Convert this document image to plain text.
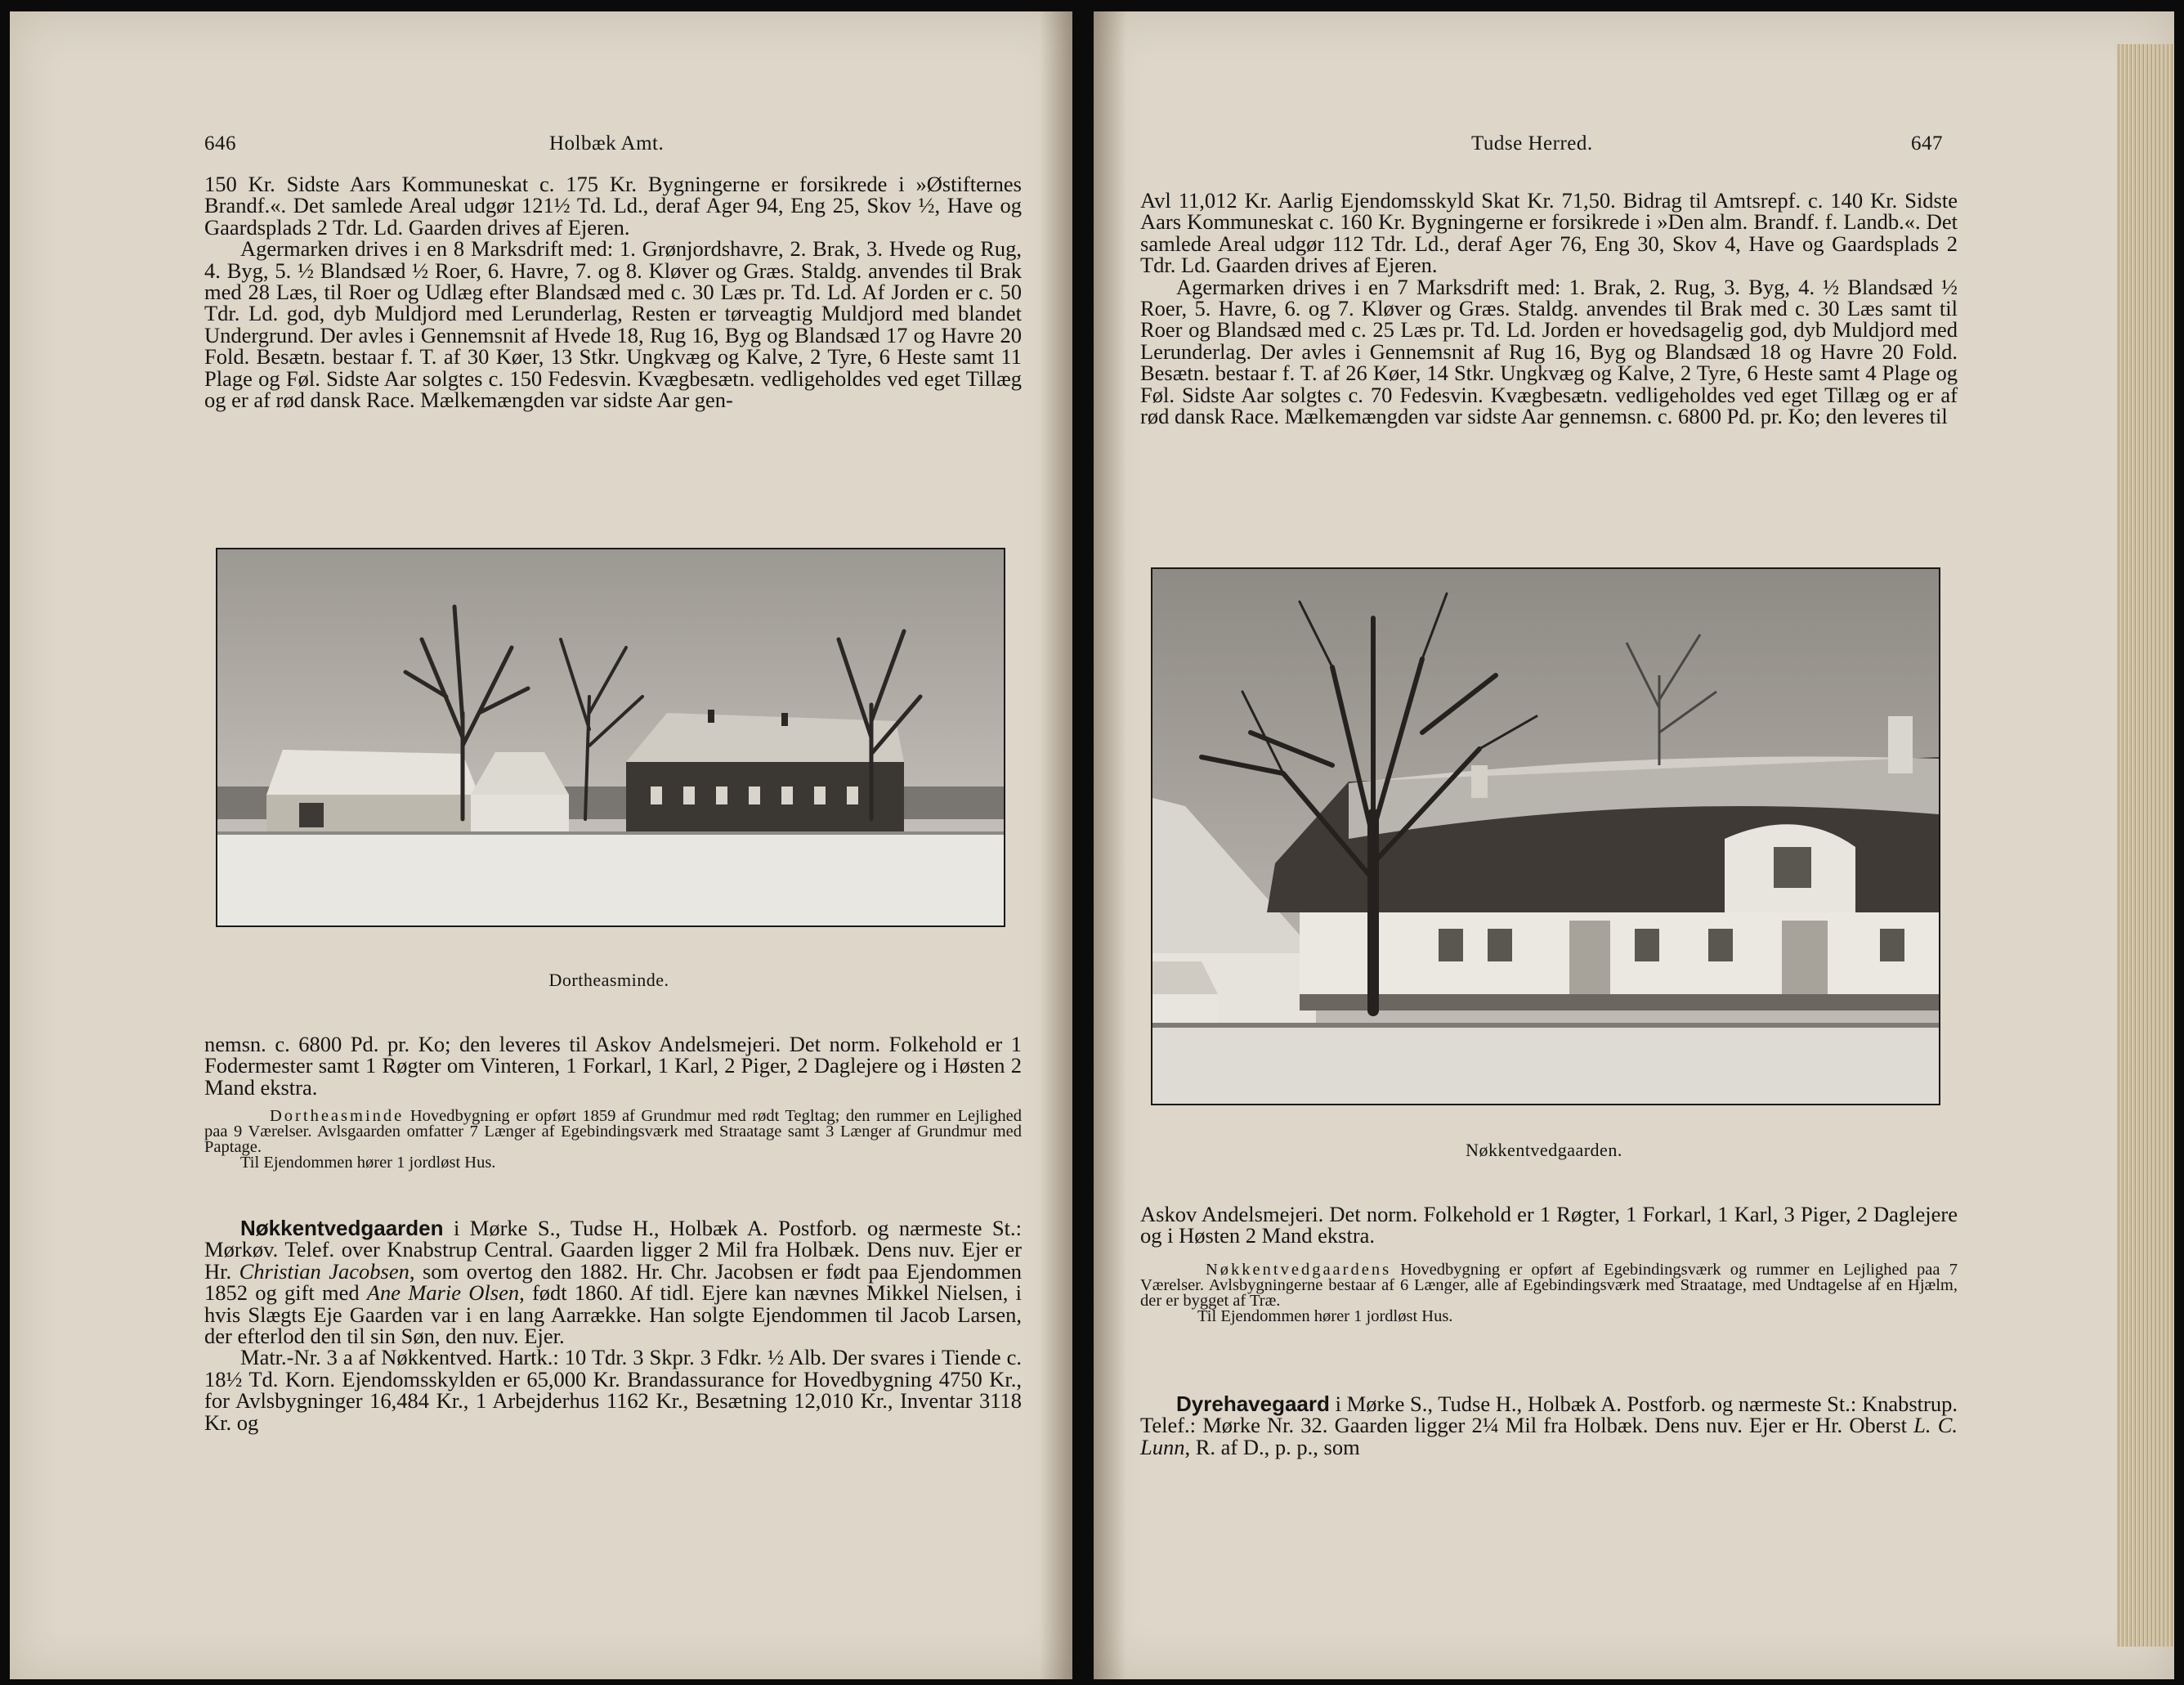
646	Holbæk Amt.

150 Kr. Sidste Aars Kommuneskat c. 175 Kr. Bygningerne er forsikrede i »Østifternes Brandf.«. Det samlede Areal udgør 121½ Td. Ld., deraf Ager 94, Eng 25, Skov ½, Have og Gaardsplads 2 Tdr. Ld. Gaarden drives af Ejeren.

Agermarken drives i en 8 Marksdrift med: 1. Grønjordshavre, 2. Brak, 3. Hvede og Rug, 4. Byg, 5. ½ Blandsæd ½ Roer, 6. Havre, 7. og 8. Kløver og Græs. Staldg. anvendes til Brak med 28 Læs, til Roer og Udlæg efter Blandsæd med c. 30 Læs pr. Td. Ld. Af Jorden er c. 50 Tdr. Ld. god, dyb Muldjord med Lerunderlag, Resten er tørveagtig Muldjord med blandet Undergrund. Der avles i Gennemsnit af Hvede 18, Rug 16, Byg og Blandsæd 17 og Havre 20 Fold. Besætn. bestaar f. T. af 30 Køer, 13 Stkr. Ungkvæg og Kalve, 2 Tyre, 6 Heste samt 11 Plage og Føl. Sidste Aar solgtes c. 150 Fedesvin. Kvægbesætn. vedligeholdes ved eget Tillæg og er af rød dansk Race. Mælkemængden var sidste Aar gen-

Dortheasminde.

nemsn. c. 6800 Pd. pr. Ko; den leveres til Askov Andelsmejeri. Det norm. Folkehold er 1 Fodermester samt 1 Røgter om Vinteren, 1 Forkarl, 1 Karl, 2 Piger, 2 Daglejere og i Høsten 2 Mand ekstra.

Dortheasminde Hovedbygning er opført 1859 af Grundmur med rødt Tegltag; den rummer en Lejlighed paa 9 Værelser. Avlsgaarden omfatter 7 Længer af Egebindingsværk med Straatage samt 3 Længer af Grundmur med Paptage.

Til Ejendommen hører 1 jordløst Hus.

Nøkkentvedgaarden i Mørke S., Tudse H., Holbæk A. Postforb. og nærmeste St.: Mørkøv. Telef. over Knabstrup Central. Gaarden ligger 2 Mil fra Holbæk. Dens nuv. Ejer er Hr. Christian Jacobsen, som overtog den 1882. Hr. Chr. Jacobsen er født paa Ejendommen 1852 og gift med Ane Marie Olsen, født 1860. Af tidl. Ejere kan nævnes Mikkel Nielsen, i hvis Slægts Eje Gaarden var i en lang Aarrække. Han solgte Ejendommen til Jacob Larsen, der efterlod den til sin Søn, den nuv. Ejer.

Matr.-Nr. 3 a af Nøkkentved. Hartk.: 10 Tdr. 3 Skpr. 3 Fdkr. ½ Alb. Der svares i Tiende c. 18½ Td. Korn. Ejendomsskylden er 65,000 Kr. Brandassurance for Hovedbygning 4750 Kr., for Avlsbygninger 16,484 Kr., 1 Arbejderhus 1162 Kr., Besætning 12,010 Kr., Inventar 3118 Kr. og

Tudse Herred.	647

Avl 11,012 Kr. Aarlig Ejendomsskyld Skat Kr. 71,50. Bidrag til Amtsrepf. c. 140 Kr. Sidste Aars Kommuneskat c. 160 Kr. Bygningerne er forsikrede i »Den alm. Brandf. f. Landb.«. Det samlede Areal udgør 112 Tdr. Ld., deraf Ager 76, Eng 30, Skov 4, Have og Gaardsplads 2 Tdr. Ld. Gaarden drives af Ejeren.

Agermarken drives i en 7 Marksdrift med: 1. Brak, 2. Rug, 3. Byg, 4. ½ Blandsæd ½ Roer, 5. Havre, 6. og 7. Kløver og Græs. Staldg. anvendes til Brak med c. 30 Læs samt til Roer og Blandsæd med c. 25 Læs pr. Td. Ld. Jorden er hovedsagelig god, dyb Muldjord med Lerunderlag. Der avles i Gennemsnit af Rug 16, Byg og Blandsæd 18 og Havre 20 Fold. Besætn. bestaar f. T. af 26 Køer, 14 Stkr. Ungkvæg og Kalve, 2 Tyre, 6 Heste samt 4 Plage og Føl. Sidste Aar solgtes c. 70 Fedesvin. Kvægbesætn. vedligeholdes ved eget Tillæg og er af rød dansk Race. Mælkemængden var sidste Aar gennemsn. c. 6800 Pd. pr. Ko; den leveres til

Nøkkentvedgaarden.

Askov Andelsmejeri. Det norm. Folkehold er 1 Røgter, 1 Forkarl, 1 Karl, 3 Piger, 2 Daglejere og i Høsten 2 Mand ekstra.

Nøkkentvedgaardens Hovedbygning er opført af Egebindingsværk og rummer en Lejlighed paa 7 Værelser. Avlsbygningerne bestaar af 6 Længer, alle af Egebindingsværk med Straatage, med Undtagelse af en Hjælm, der er bygget af Træ.

Til Ejendommen hører 1 jordløst Hus.

Dyrehavegaard i Mørke S., Tudse H., Holbæk A. Postforb. og nærmeste St.: Knabstrup. Telef.: Mørke Nr. 32. Gaarden ligger 2¼ Mil fra Holbæk. Dens nuv. Ejer er Hr. Oberst L. C. Lunn, R. af D., p. p., som
